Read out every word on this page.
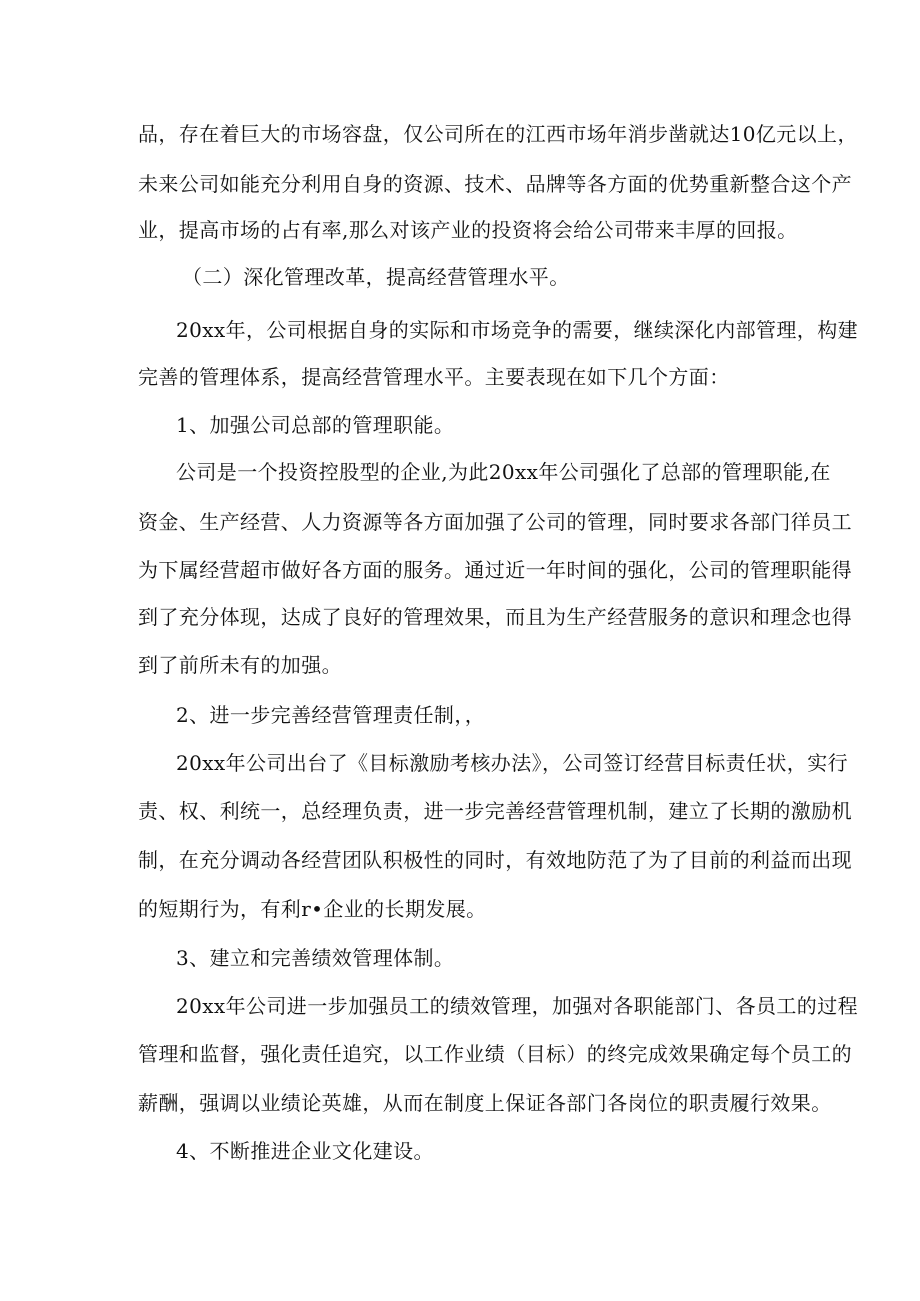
品，存在着巨大的市场容盘，仅公司所在的江西市场年消步凿就达10亿元以上，
未来公司如能充分利用自身的资源、技术、品牌等各方面的优势重新整合这个产
业，提高市场的占有率,那么对该产业的投资将会给公司带来丰厚的回报。
（二）深化管理改革，提高经营管理水平。
20xx年，公司根据自身的实际和市场竞争的需要，继续深化内部管理，构建
完善的管理体系，提高经营管理水平。主要表现在如下几个方面：
1、加强公司总部的管理职能。
公司是一个投资控股型的企业,为此20xx年公司强化了总部的管理职能,在
资金、生产经营、人力资源等各方面加强了公司的管理，同时要求各部门徉员工
为下属经营超市做好各方面的服务。通过近一年时间的强化，公司的管理职能得
到了充分体现，达成了良好的管理效果，而且为生产经营服务的意识和理念也得
到了前所未有的加强。
2、进一步完善经营管理责任制，，
20xx年公司出台了《目标激励考核办法》，公司签订经营目标责任状，实行
责、权、利统一，总经理负责，进一步完善经营管理机制，建立了长期的激励机
制，在充分调动各经营团队积极性的同时，有效地防范了为了目前的利益而出现
的短期行为，有利r•企业的长期发展。
3、建立和完善绩效管理体制。
20xx年公司进一步加强员工的绩效管理，加强对各职能部门、各员工的过程
管理和监督，强化责任追究，以工作业绩（目标）的终完成效果确定每个员工的
薪酬，强调以业绩论英雄，从而在制度上保证各部门各岗位的职责履行效果。
4、不断推进企业文化建设。
